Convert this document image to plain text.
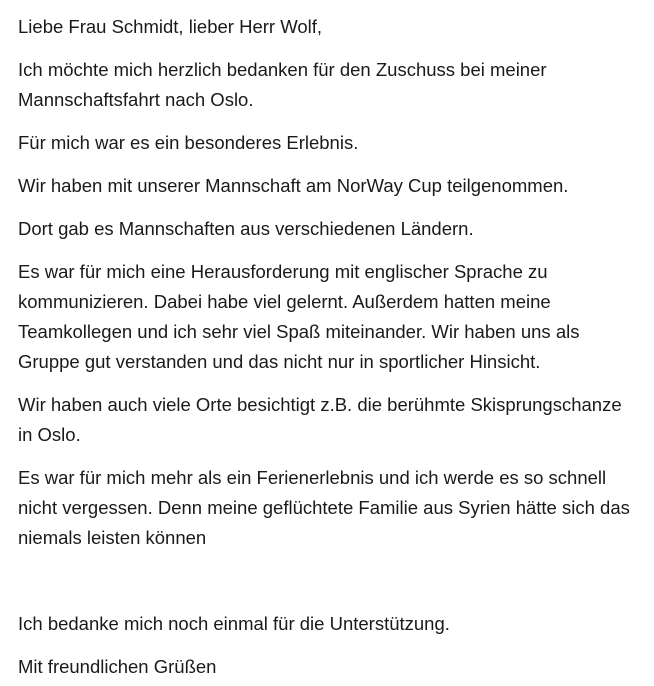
Liebe Frau Schmidt, lieber Herr Wolf,

Ich möchte mich herzlich bedanken für den Zuschuss bei meiner Mannschaftsfahrt nach Oslo.

Für mich war es ein besonderes Erlebnis.

Wir haben mit unserer Mannschaft am NorWay Cup teilgenommen.

Dort gab es Mannschaften aus verschiedenen Ländern.

Es war für mich eine Herausforderung mit englischer Sprache zu kommunizieren. Dabei habe viel gelernt. Außerdem hatten meine Teamkollegen und ich sehr viel Spaß miteinander. Wir haben uns als Gruppe gut verstanden und das nicht nur in sportlicher Hinsicht.

Wir haben auch viele Orte besichtigt z.B. die berühmte Skisprungschanze in Oslo.

Es war für mich mehr als ein Ferienerlebnis und ich werde es so schnell nicht vergessen. Denn meine geflüchtete Familie aus Syrien hätte sich das niemals leisten können

Ich bedanke mich noch einmal für die Unterstützung.

Mit freundlichen Grüßen
